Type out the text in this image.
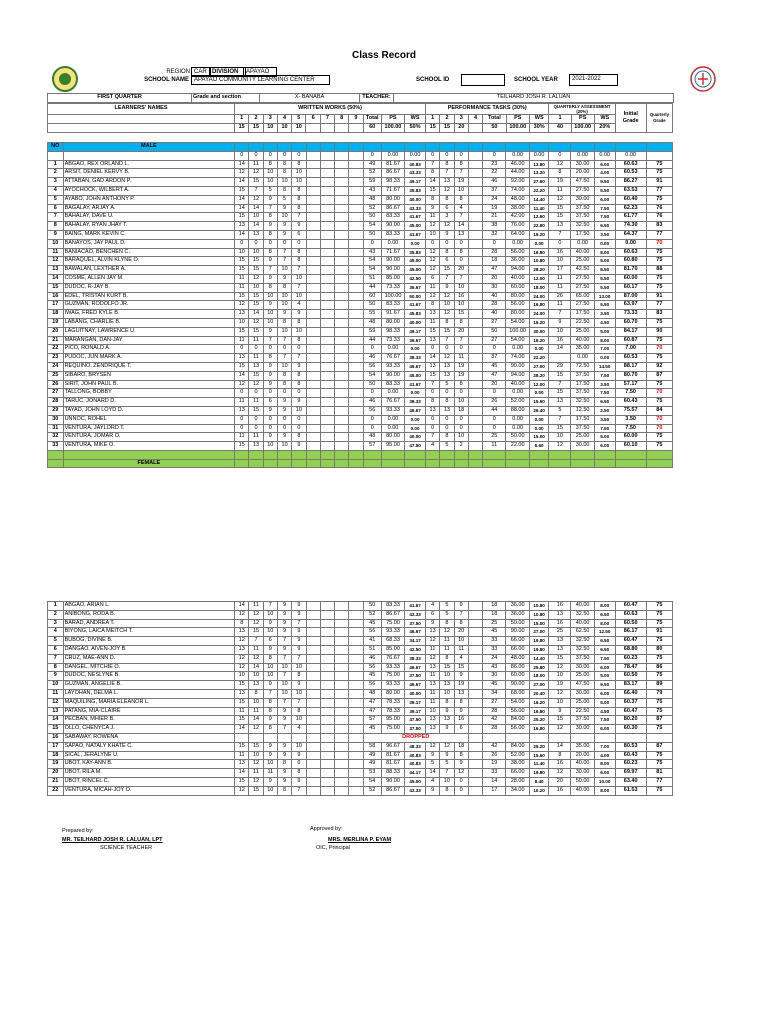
Class Record
REGION CAR DIVISION	APAYAO
SCHOOL NAME APAYAO COMMUNITY LEARNING CENTER	SCHOOL ID	SCHOOL YEAR	2021-2022
FIRST QUARTER	Grade and section	X- BANABA	TEACHER:	TEILHARD JOSH R. LALUAN
LEARNERS' NAMES	WRITTEN WORKS (50%)												PERFORMANCE TASKS (30%)							QUARTERLY ASSESSMENT (20%)			Initial Grade	Quarterly Grade
	1	2	3	4	5	6	7	8	9	Total	PS	WS	1	2	3	4	Total	PS	WS	1	PS	WS		
	15	15	10	10	10					60	100.00	50%	15	15	20		50	100.00	30%	40	100.00	20%		
NO	MALE																								
		0	0	0	0	0					0	0.00	0.00	0	0	0		0	0.00	0.00	0	0.00	0.00	0.00	
1	ABGAO, REX ORLAND L.	14	11	8	8	8					49	81.67	40.83	7	8	8		23	46.00	13.80	12	30.00	6.00	60.63	75
2	ARSIT, DENIEL KERVY B.	12	12	10	8	10					52	86.67	43.33	8	7	7		22	44.00	13.20	8	20.00	4.00	60.53	75
3	ATTABAN, GAD ARDON P.	14	15	10	10	10					59	98.33	49.17	14	13	19		46	92.00	27.60	19	47.50	9.50	86.27	91
4	AYOCHOCK, WILBERT A.	15	7	5	8	8					43	71.67	35.83	15	12	10		37	74.00	22.20	11	27.50	5.50	63.53	77
5	AYABO, JOHN ANTHONY P.	14	12	9	5	8					48	80.00	40.00	8	8	8		24	48.00	14.40	12	30.00	6.00	60.40	75
6	BAGALAY, ARJAY A.	14	14	7	9	8					52	86.67	43.33	9	6	4		19	38.00	11.40	15	37.50	7.50	62.23	76
7	BAHALAY, DAVE U.	15	10	8	10	7					50	83.33	41.67	11	3	7		21	42.00	12.60	15	37.50	7.50	61.77	76
8	BAHALAY, RYAN JHAY T.	13	14	9	9	9					54	90.00	45.00	12	12	14		38	76.00	22.80	13	32.50	6.50	74.30	83
9	BAING, MARK KEVIN C.	14	13	8	9	6					50	83.33	41.67	10	9	13		32	64.00	19.20	7	17.50	3.50	64.37	77
10	BANAYOS, JAY PAUL D.	0	0	0	0	0					0	0.00	0.00	0	0	0		0	0.00	0.00	0	0.00	0.00	0.00	70
11	BANIACAO, BENCHEN C.	10	10	8	7	8					43	71.67	35.83	12	8	8		28	56.00	16.80	16	40.00	8.00	60.63	75
12	BARAQUEL, ALVIN KLYNE O.	15	15	9	7	8					54	90.00	45.00	12	6	0		18	36.00	10.80	10	25.00	5.00	60.80	75
13	BAWALAN, LEXTHER A.	15	15	7	10	7					54	90.00	45.00	12	15	20		47	94.00	28.20	17	42.50	8.50	81.70	88
14	COSME, ALLEN JAY M.	11	12	9	9	10					51	85.00	42.50	6	7	7		20	40.00	12.00	11	27.50	5.50	60.00	75
15	DUDOC, R-JAY B.	11	10	8	8	7					44	73.33	36.67	11	9	10		30	60.00	18.00	11	27.50	5.50	60.17	75
16	EDEL, TRISTAN KURT B.	15	15	10	10	10					60	100.00	50.00	12	12	16		40	80.00	24.00	26	65.00	13.00	87.00	91
17	GUZMAN, RODOLFO JR.	12	15	9	10	4					50	83.33	41.67	8	10	10		28	56.00	16.80	11	27.50	5.50	63.97	77
18	IWAG, FRED KYLE B.	13	14	10	9	9					55	91.67	45.83	13	12	15		40	80.00	24.00	7	17.50	3.50	73.33	83
19	LABANG, CHARLIE B.	10	12	10	8	8					48	80.00	40.00	11	8	8		27	54.00	16.20	9	22.50	4.50	60.70	75
20	LAGUITNAY, LAWRENCE U.	15	15	9	10	10					59	98.33	49.17	15	15	20		50	100.00	30.00	10	25.00	5.00	84.17	90
21	MARANGAN, DAN-JAY	11	11	7	7	8					44	73.33	36.67	13	7	7		27	54.00	16.20	16	40.00	8.00	60.87	75
22	PICO, RONALD A.	0	0	0	0	0					0	0.00	0.00	0	0	0		0	0.00	0.00	14	35.00	7.00	7.00	70
23	PUDOC, JUN MARK A.	13	11	8	7	7					46	76.67	38.33	14	12	11		37	74.00	22.20		0.00	0.00	60.53	75
24	REQUINO, ZENDRIQUE T.	15	13	9	10	9					56	93.33	46.67	13	13	19		45	90.00	27.00	29	72.50	14.50	88.17	92
25	SIBARO, BRYSEN	14	15	9	8	8					54	90.00	45.00	15	13	19		47	94.00	28.20	15	37.50	7.50	80.70	87
26	SIRIT, JOHN PAUL B.	12	12	9	8	8					50	83.33	41.67	7	5	8		20	40.00	12.00	7	17.50	3.50	57.17	75
27	TALLONG, BOBBY	0	0	0	0	0					0	0.00	0.00	0	0	0		0	0.00	0.00	15	37.50	7.50	7.50	70
28	TARUC, JONARD D.	11	11	6	9	9					46	76.67	38.33	8	8	10		26	52.00	15.60	13	32.50	6.50	60.43	75
29	TAYAD, JOHN LOYD D.	13	15	9	9	10					56	93.33	46.67	13	13	18		44	88.00	26.40	5	12.50	2.50	75.57	84
30	UNNOC, ROHEL	0	0	0	0	0					0	0.00	0.00	0	0	0		0	0.00	0.00	7	17.50	3.50	3.50	70
31	VENTURA, JAYLORD T.	0	0	0	0	0					0	0.00	0.00	0	0	0		0	0.00	0.00	15	37.50	7.50	7.50	70
32	VENTURA, JOMAR O.	11	11	9	9	8					48	80.00	40.00	7	8	10		25	50.00	15.00	10	25.00	5.00	60.00	75
33	VENTURA, MIKE O.	15	13	10	10	9					57	95.00	47.50	4	5	2		11	22.00	6.60	12	30.00	6.00	60.10	75

	FEMALE																								
1	ABGAO, ARIAN L.	14	11	7	9	9					50	83.33	41.67	4	5	9		18	36.00	10.80	16	40.00	8.00	60.47	75
2	ANIBONG, RODA B.	12	12	10	9	9					52	86.67	43.33	6	5	7		18	36.00	10.80	13	32.50	6.50	60.63	75
3	BARAD, ANDREA T.	8	12	9	9	7					45	75.00	37.50	9	8	8		25	50.00	15.00	16	40.00	8.00	60.50	75
4	BIYONG, LAICA MEITCH T.	13	15	10	9	9					56	93.33	46.67	13	12	20		45	90.00	27.00	25	62.50	12.50	86.17	91
5	BUBOG, DIVINE B.	12	7	6	7	9					41	68.33	34.17	12	11	10		33	66.00	19.80	13	32.50	6.50	60.47	75
6	DANGAO, AIVEN-JOY B.	13	11	9	9	9					51	85.00	42.50	11	11	11		33	66.00	19.80	13	32.50	6.50	68.80	80
7	CRUZ, MAE-ANN D.	12	12	8	7	7					46	76.67	38.33	12	8	4		24	48.00	14.40	15	37.50	7.50	60.23	75
8	DANGEL, MITCHIE O.	12	14	10	10	10					56	93.33	46.67	13	15	15		43	86.00	25.80	12	30.00	6.00	78.47	86
9	DUDOC, NESLYNE B.	10	10	10	7	8					45	75.00	37.50	11	10	9		30	60.00	18.00	10	25.00	5.00	60.50	75
10	GUZMAN, ANGELIE B.	15	13	9	10	9					56	93.33	46.67	13	13	19		45	90.00	27.00	19	47.50	9.50	83.17	89
11	LAYOHAN, DELMA L.	13	8	7	10	10					48	80.00	40.00	11	10	13		34	68.00	20.40	12	30.00	6.00	66.40	79
12	MAQUILING, MARIA ELEANOR L.	15	10	8	7	7					47	78.33	39.17	11	8	8		27	54.00	16.20	10	25.00	5.00	60.37	75
13	PATANG, MIA-CLAIRE	11	11	8	9	8					47	78.33	39.17	10	9	9		28	56.00	16.80	9	22.50	4.50	60.47	75
14	PECBAN, MHIER B.	15	14	9	9	10					57	95.00	47.50	13	13	16		42	84.00	25.20	15	37.50	7.50	80.20	87
15	OLLO, CHENYCA J.	14	12	8	7	4					45	75.00	37.50	13	9	6		28	56.00	16.80	12	30.00	6.00	60.30	75
16	SABAWAY, ROWENA										DROPPED														
17	SAPAO, NATALY KHATE C.	15	15	9	9	10					58	96.67	48.33	12	12	18		42	84.00	25.20	14	35.00	7.00	80.53	87
18	SICAL, JERALYNE U.	11	10	9	9	9					49	81.67	40.83	9	9	8		26	52.00	15.60	8	20.00	4.00	60.43	75
19	UBOT, KAY-ANN B.	13	12	10	8	6					49	81.67	40.83	5	5	9		19	38.00	11.40	16	40.00	8.00	60.23	75
20	UBOT, RILA M.	14	11	11	9	8					53	88.33	44.17	14	7	12		33	66.00	19.80	12	30.00	6.00	69.97	81
21	UBOT, RINCEL C.	15	12	9	9	9					54	90.00	45.00	4	10	0		14	28.00	8.40	20	50.00	10.00	63.40	77
22	VENTURA, MICAH-JOY O.	12	15	10	8	7					52	86.67	43.33	9	8	0		17	34.00	10.20	16	40.00	8.00	61.53	75
Prepared by:
MR. TEILHARD JOSH R. LALUAN, LPT
SCIENCE TEACHER
Approved by:
MRS. MERLINA P. EYAM
OIC, Principal
